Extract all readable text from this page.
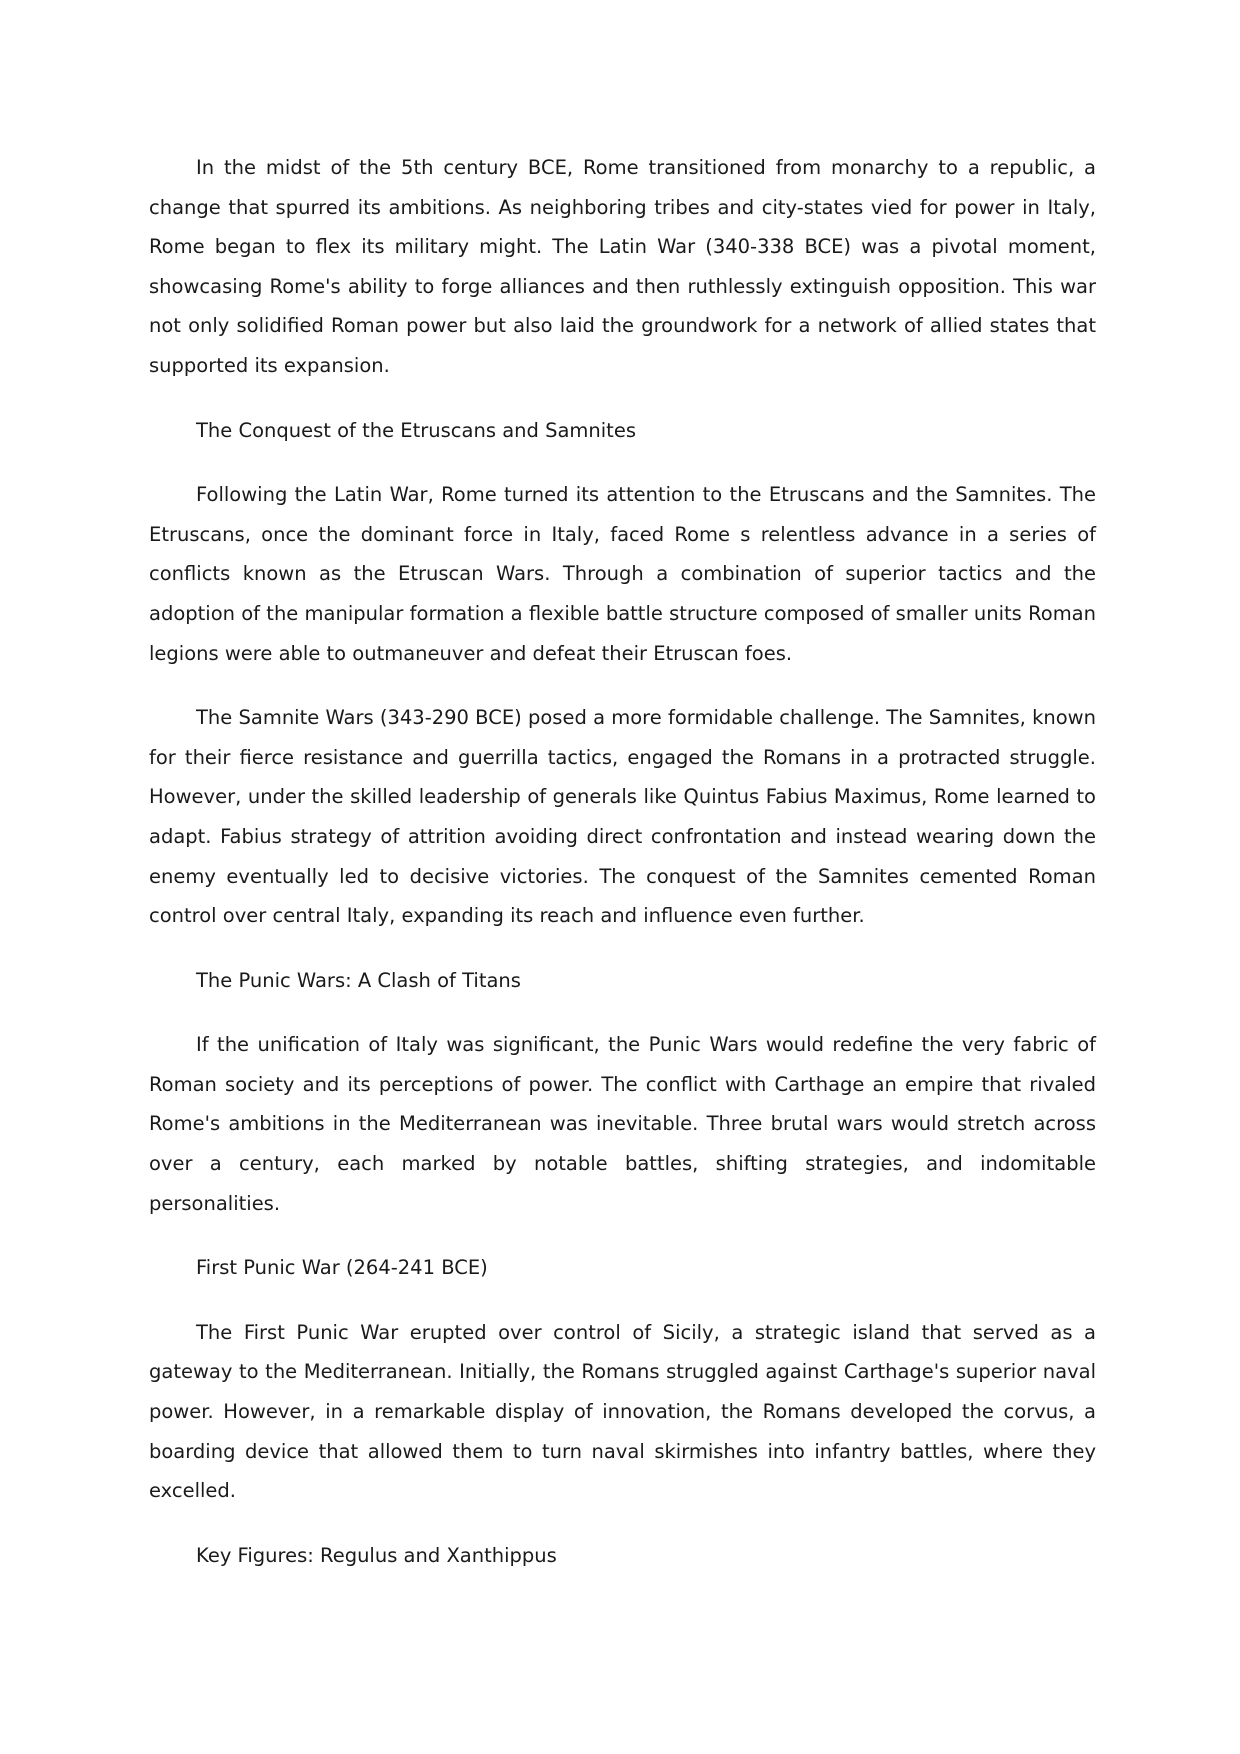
In the midst of the 5th century BCE, Rome transitioned from monarchy to a republic, a change that spurred its ambitions. As neighboring tribes and city-states vied for power in Italy, Rome began to flex its military might. The Latin War (340-338 BCE) was a pivotal moment, showcasing Rome's ability to forge alliances and then ruthlessly extinguish opposition. This war not only solidified Roman power but also laid the groundwork for a network of allied states that supported its expansion.

The Conquest of the Etruscans and Samnites

Following the Latin War, Rome turned its attention to the Etruscans and the Samnites. The Etruscans, once the dominant force in Italy, faced Rome s relentless advance in a series of conflicts known as the Etruscan Wars. Through a combination of superior tactics and the adoption of the manipular formation a flexible battle structure composed of smaller units Roman legions were able to outmaneuver and defeat their Etruscan foes.

The Samnite Wars (343-290 BCE) posed a more formidable challenge. The Samnites, known for their fierce resistance and guerrilla tactics, engaged the Romans in a protracted struggle. However, under the skilled leadership of generals like Quintus Fabius Maximus, Rome learned to adapt. Fabius strategy of attrition avoiding direct confrontation and instead wearing down the enemy eventually led to decisive victories. The conquest of the Samnites cemented Roman control over central Italy, expanding its reach and influence even further.

The Punic Wars: A Clash of Titans

If the unification of Italy was significant, the Punic Wars would redefine the very fabric of Roman society and its perceptions of power. The conflict with Carthage an empire that rivaled Rome's ambitions in the Mediterranean was inevitable. Three brutal wars would stretch across over a century, each marked by notable battles, shifting strategies, and indomitable personalities.

First Punic War (264-241 BCE)

The First Punic War erupted over control of Sicily, a strategic island that served as a gateway to the Mediterranean. Initially, the Romans struggled against Carthage's superior naval power. However, in a remarkable display of innovation, the Romans developed the corvus, a boarding device that allowed them to turn naval skirmishes into infantry battles, where they excelled.

Key Figures: Regulus and Xanthippus
